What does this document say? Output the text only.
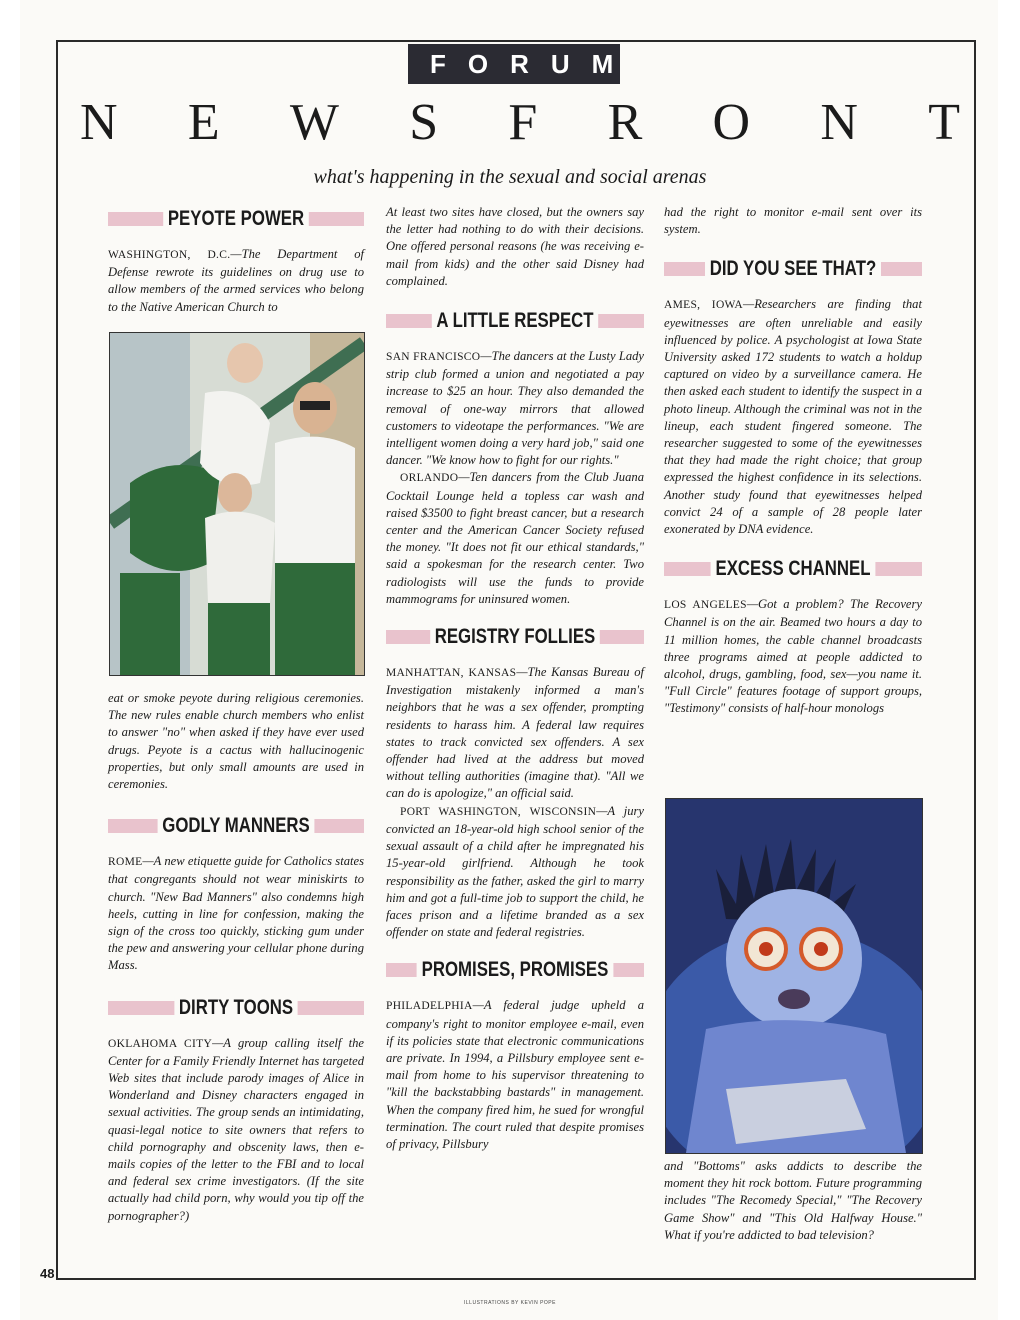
FORUM
N E W S F R O N T
what's happening in the sexual and social arenas
PEYOTE POWER

WASHINGTON, D.C.—The Department of Defense rewrote its guidelines on drug use to allow members of the armed services who belong to the Native American Church to

eat or smoke peyote during religious ceremonies. The new rules enable church members who enlist to answer "no" when asked if they have ever used drugs. Peyote is a cactus with hallucinogenic properties, but only small amounts are used in ceremonies.

GODLY MANNERS

ROME—A new etiquette guide for Catholics states that congregants should not wear miniskirts to church. "New Bad Manners" also condemns high heels, cutting in line for confession, making the sign of the cross too quickly, sticking gum under the pew and answering your cellular phone during Mass.

DIRTY TOONS

OKLAHOMA CITY—A group calling itself the Center for a Family Friendly Internet has targeted Web sites that include parody images of Alice in Wonderland and Disney characters engaged in sexual activities. The group sends an intimidating, quasi-legal notice to site owners that refers to child pornography and obscenity laws, then e-mails copies of the letter to the FBI and to local and federal sex crime investigators. (If the site actually had child porn, why would you tip off the pornographer?)

At least two sites have closed, but the owners say the letter had nothing to do with their decisions. One offered personal reasons (he was receiving e-mail from kids) and the other said Disney had complained.

A LITTLE RESPECT

SAN FRANCISCO—The dancers at the Lusty Lady strip club formed a union and negotiated a pay increase to $25 an hour. They also demanded the removal of one-way mirrors that allowed customers to videotape the performances. "We are intelligent women doing a very hard job," said one dancer. "We know how to fight for our rights."

ORLANDO—Ten dancers from the Club Juana Cocktail Lounge held a topless car wash and raised $3500 to fight breast cancer, but a research center and the American Cancer Society refused the money. "It does not fit our ethical standards," said a spokesman for the research center. Two radiologists will use the funds to provide mammograms for uninsured women.

REGISTRY FOLLIES

MANHATTAN, KANSAS—The Kansas Bureau of Investigation mistakenly informed a man's neighbors that he was a sex offender, prompting residents to harass him. A federal law requires states to track convicted sex offenders. A sex offender had lived at the address but moved without telling authorities (imagine that). "All we can do is apologize," an official said.

PORT WASHINGTON, WISCONSIN—A jury convicted an 18-year-old high school senior of the sexual assault of a child after he impregnated his 15-year-old girlfriend. Although he took responsibility as the father, asked the girl to marry him and got a full-time job to support the child, he faces prison and a lifetime branded as a sex offender on state and federal registries.

PROMISES, PROMISES

PHILADELPHIA—A federal judge upheld a company's right to monitor employee e-mail, even if its policies state that electronic communications are private. In 1994, a Pillsbury employee sent e-mail from home to his supervisor threatening to "kill the backstabbing bastards" in management. When the company fired him, he sued for wrongful termination. The court ruled that despite promises of privacy, Pillsbury

had the right to monitor e-mail sent over its system.

DID YOU SEE THAT?

AMES, IOWA—Researchers are finding that eyewitnesses are often unreliable and easily influenced by police. A psychologist at Iowa State University asked 172 students to watch a holdup captured on video by a surveillance camera. He then asked each student to identify the suspect in a photo lineup. Although the criminal was not in the lineup, each student fingered someone. The researcher suggested to some of the eyewitnesses that they had made the right choice; that group expressed the highest confidence in its selections. Another study found that eyewitnesses helped convict 24 of a sample of 28 people later exonerated by DNA evidence.

EXCESS CHANNEL

LOS ANGELES—Got a problem? The Recovery Channel is on the air. Beamed two hours a day to 11 million homes, the cable channel broadcasts three programs aimed at people addicted to alcohol, drugs, gambling, food, sex—you name it. "Full Circle" features footage of support groups, "Testimony" consists of half-hour monologs

and "Bottoms" asks addicts to describe the moment they hit rock bottom. Future programming includes "The Recomedy Special," "The Recovery Game Show" and "This Old Halfway House." What if you're addicted to bad television?

48
ILLUSTRATIONS BY KEVIN POPE
